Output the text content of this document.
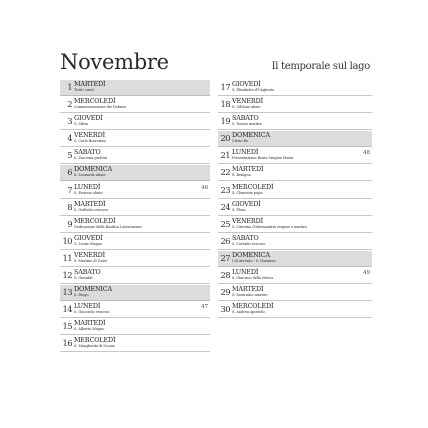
Novembre	Il temporale sul lago
1 MARTEDÌ
Tutti i santi
2 MERCOLEDÌ
Commemorazione dei Defunti
3 GIOVEDÌ
S. Silvia
4 VENERDÌ
S. Carlo Borromeo
5 SABATO
S. Zaccaria profeta
6 DOMENICA
S. Leonardo abate
7 LUNEDÌ
S. Ernesto abate
46
8 MARTEDÌ
S. Goffredo vescovo
9 MERCOLEDÌ
Dedicazione della Basilica Lateranense
10 GIOVEDÌ
S. Leone Magno
11 VENERDÌ
S. Martino di Tours
12 SABATO
S. Giosafat
13 DOMENICA
S. Diego
14 LUNEDÌ
S. Giocondo vescovo
47
15 MARTEDÌ
S. Alberto Magno
16 MERCOLEDÌ
S. Margherita di Scozia
17 GIOVEDÌ
S. Elisabetta d'Ungheria
18 VENERDÌ
S. Oddone abate
19 SABATO
S. Fausto martire
20 DOMENICA
Cristo Re
21 LUNEDÌ
Presentazione Beata Vergine Maria
48
22 MARTEDÌ
S. Benigno
23 MERCOLEDÌ
S. Clemente papa
24 GIOVEDÌ
S. Flora
25 VENERDÌ
S. Caterina d'Alessandria vergine e martire
26 SABATO
S. Corrado vescovo
27 DOMENICA
I di Avvento - S. Massimo
28 LUNEDÌ
S. Giacomo della Marca
49
29 MARTEDÌ
S. Saturnino martire
30 MERCOLEDÌ
S. Andrea apostolo
